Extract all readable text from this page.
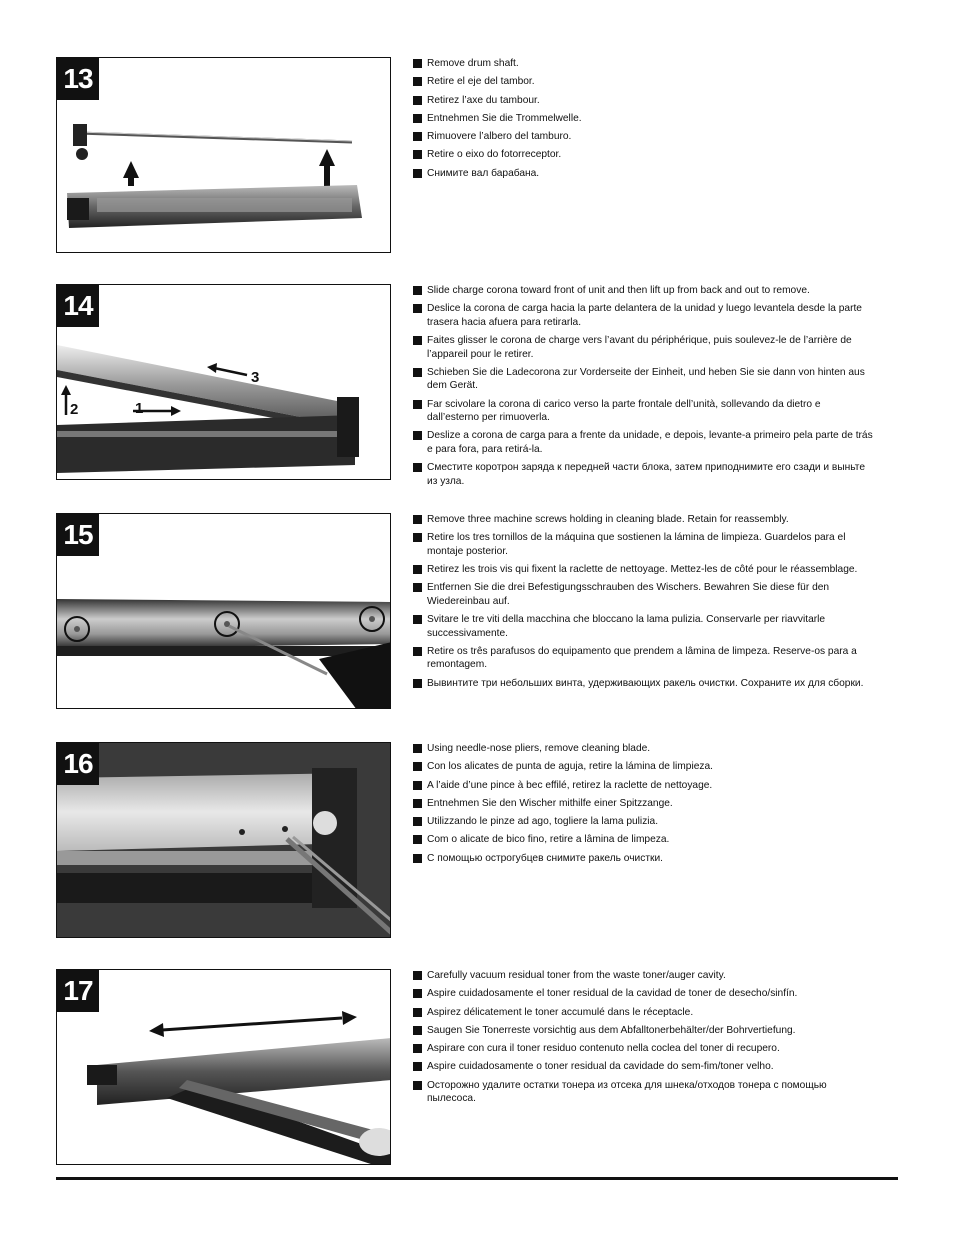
13	Remove drum shaft.
Retire el eje del tambor.
Retirez l’axe du tambour.
Entnehmen Sie die Trommelwelle.
Rimuovere l’albero del tamburo.
Retire o eixo do fotorreceptor.
Снимите вал барабана.
14
3
2	1
Slide charge corona toward front of unit and then lift up from back and out to remove.
Deslice la corona de carga hacia la parte delantera de la unidad y luego levantela desde la parte trasera hacia afuera para retirarla.
Faites glisser le corona de charge vers l’avant du périphérique, puis soulevez-le de l’arrière de l’appareil pour le retirer.
Schieben Sie die Ladecorona zur Vorderseite der Einheit, und heben Sie sie dann von hinten aus dem Gerät.
Far scivolare la corona di carico verso la parte frontale dell’unità, sollevando da dietro e dall’esterno per rimuoverla.
Deslize a corona de carga para a frente da unidade, e depois, levante-a primeiro pela parte de trás e para fora, para retirá-la.
Сместите коротрон заряда к передней части блока, затем приподнимите его сзади и выньте из узла.
15	Remove three machine screws holding in cleaning blade. Retain for reassembly.
Retire los tres tornillos de la máquina que sostienen la lámina de limpieza. Guardelos para el montaje posterior.
Retirez les trois vis qui fixent la raclette de nettoyage. Mettez-les de côté pour le réassemblage.
Entfernen Sie die drei Befestigungsschrauben des Wischers. Bewahren Sie diese für den Wiedereinbau auf.
Svitare le tre viti della macchina che bloccano la lama pulizia. Conservarle per riavvitarle successivamente.
Retire os três parafusos do equipamento que prendem a lâmina de limpeza. Reserve-os para a remontagem.
Вывинтите три небольших винта, удерживающих ракель очистки. Сохраните их для сборки.
16	Using needle-nose pliers, remove cleaning blade.
Con los alicates de punta de aguja, retire la lámina de limpieza.
A l’aide d’une pince à bec effilé, retirez la raclette de nettoyage.
Entnehmen Sie den Wischer mithilfe einer Spitzzange.
Utilizzando le pinze ad ago, togliere la lama pulizia.
Com o alicate de bico fino, retire a lâmina de limpeza.
С помощью острогубцев снимите ракель очистки.
17	Carefully vacuum residual toner from the waste toner/auger cavity.
Aspire cuidadosamente el toner residual de la cavidad de toner de desecho/sinfín.
Aspirez délicatement le toner accumulé dans le réceptacle.
Saugen Sie Tonerreste vorsichtig aus dem Abfalltonerbehälter/der Bohrvertiefung.
Aspirare con cura il toner residuo contenuto nella coclea del toner di recupero.
Aspire cuidadosamente o toner residual da cavidade do sem-fim/toner velho.
Осторожно удалите остатки тонера из отсека для шнека/отходов тонера с помощью пылесоса.
